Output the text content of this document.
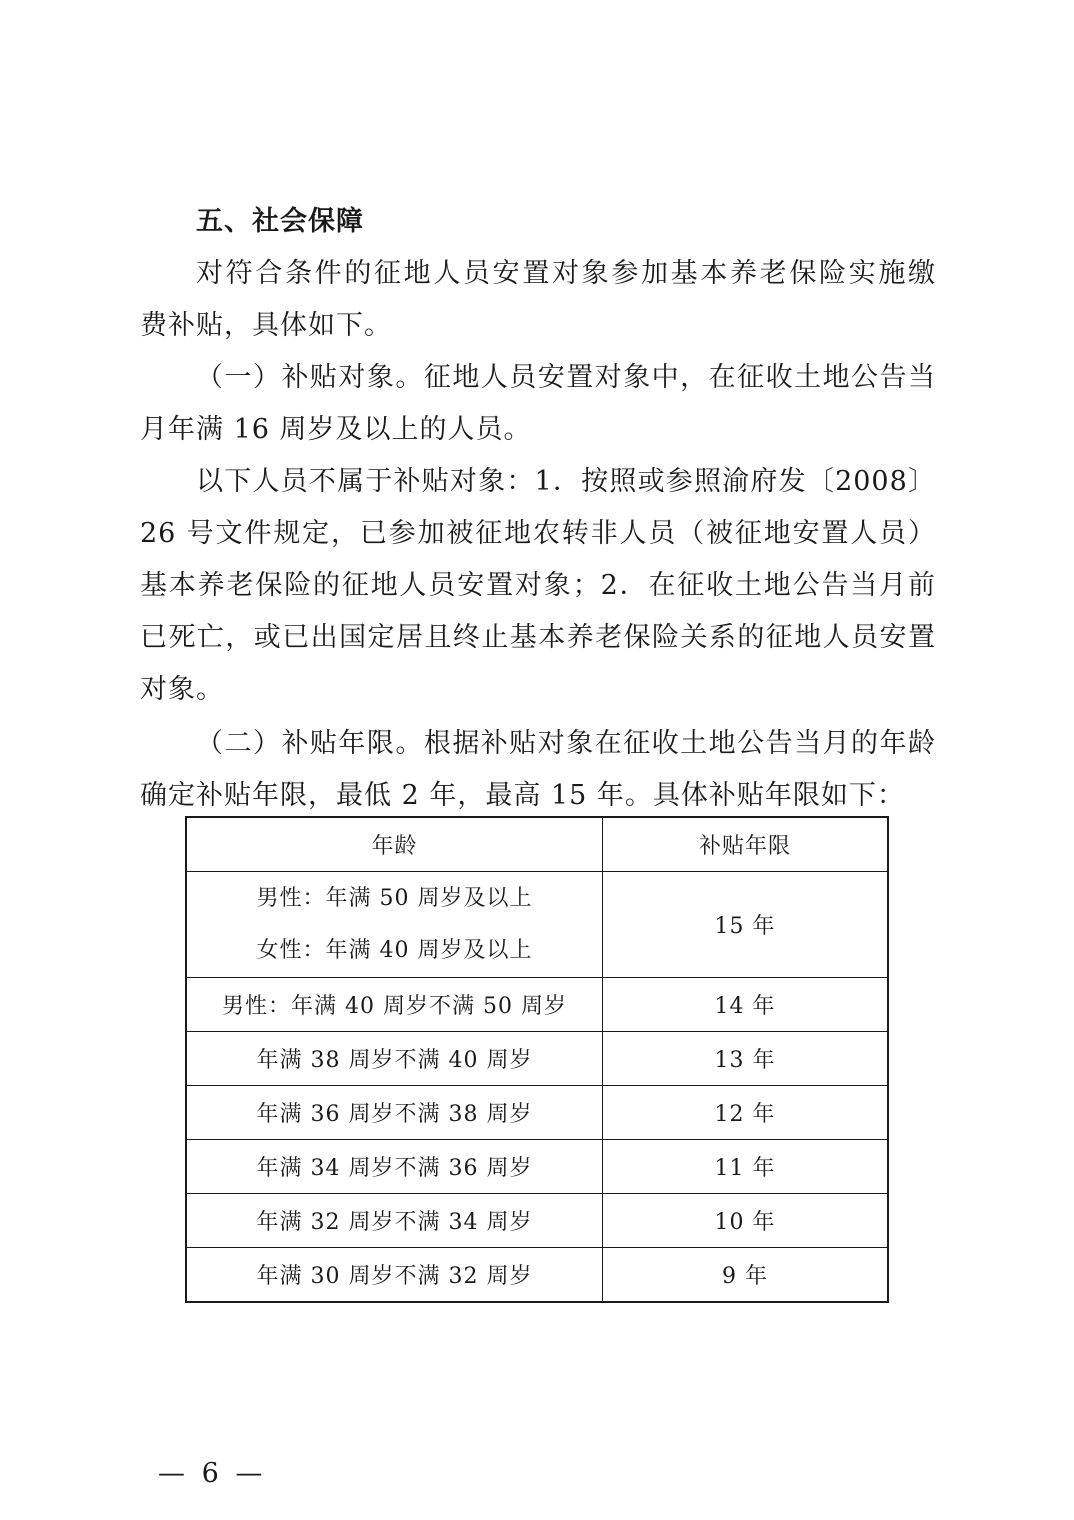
五、社会保障
对符合条件的征地人员安置对象参加基本养老保险实施缴
费补贴，具体如下。
（一）补贴对象。征地人员安置对象中，在征收土地公告当
月年满 16 周岁及以上的人员。
以下人员不属于补贴对象：1．按照或参照渝府发〔2008〕
26 号文件规定，已参加被征地农转非人员（被征地安置人员）
基本养老保险的征地人员安置对象；2．在征收土地公告当月前
已死亡，或已出国定居且终止基本养老保险关系的征地人员安置
对象。
（二）补贴年限。根据补贴对象在征收土地公告当月的年龄
确定补贴年限，最低 2 年，最高 15 年。具体补贴年限如下：
年龄	补贴年限

男性：年满 50 周岁及以上
女性：年满 40 周岁及以上	15 年
男性：年满 40 周岁不满 50 周岁	14 年
年满 38 周岁不满 40 周岁	13 年
年满 36 周岁不满 38 周岁	12 年
年满 34 周岁不满 36 周岁	11 年
年满 32 周岁不满 34 周岁	10 年
年满 30 周岁不满 32 周岁	9 年
— 6 —
